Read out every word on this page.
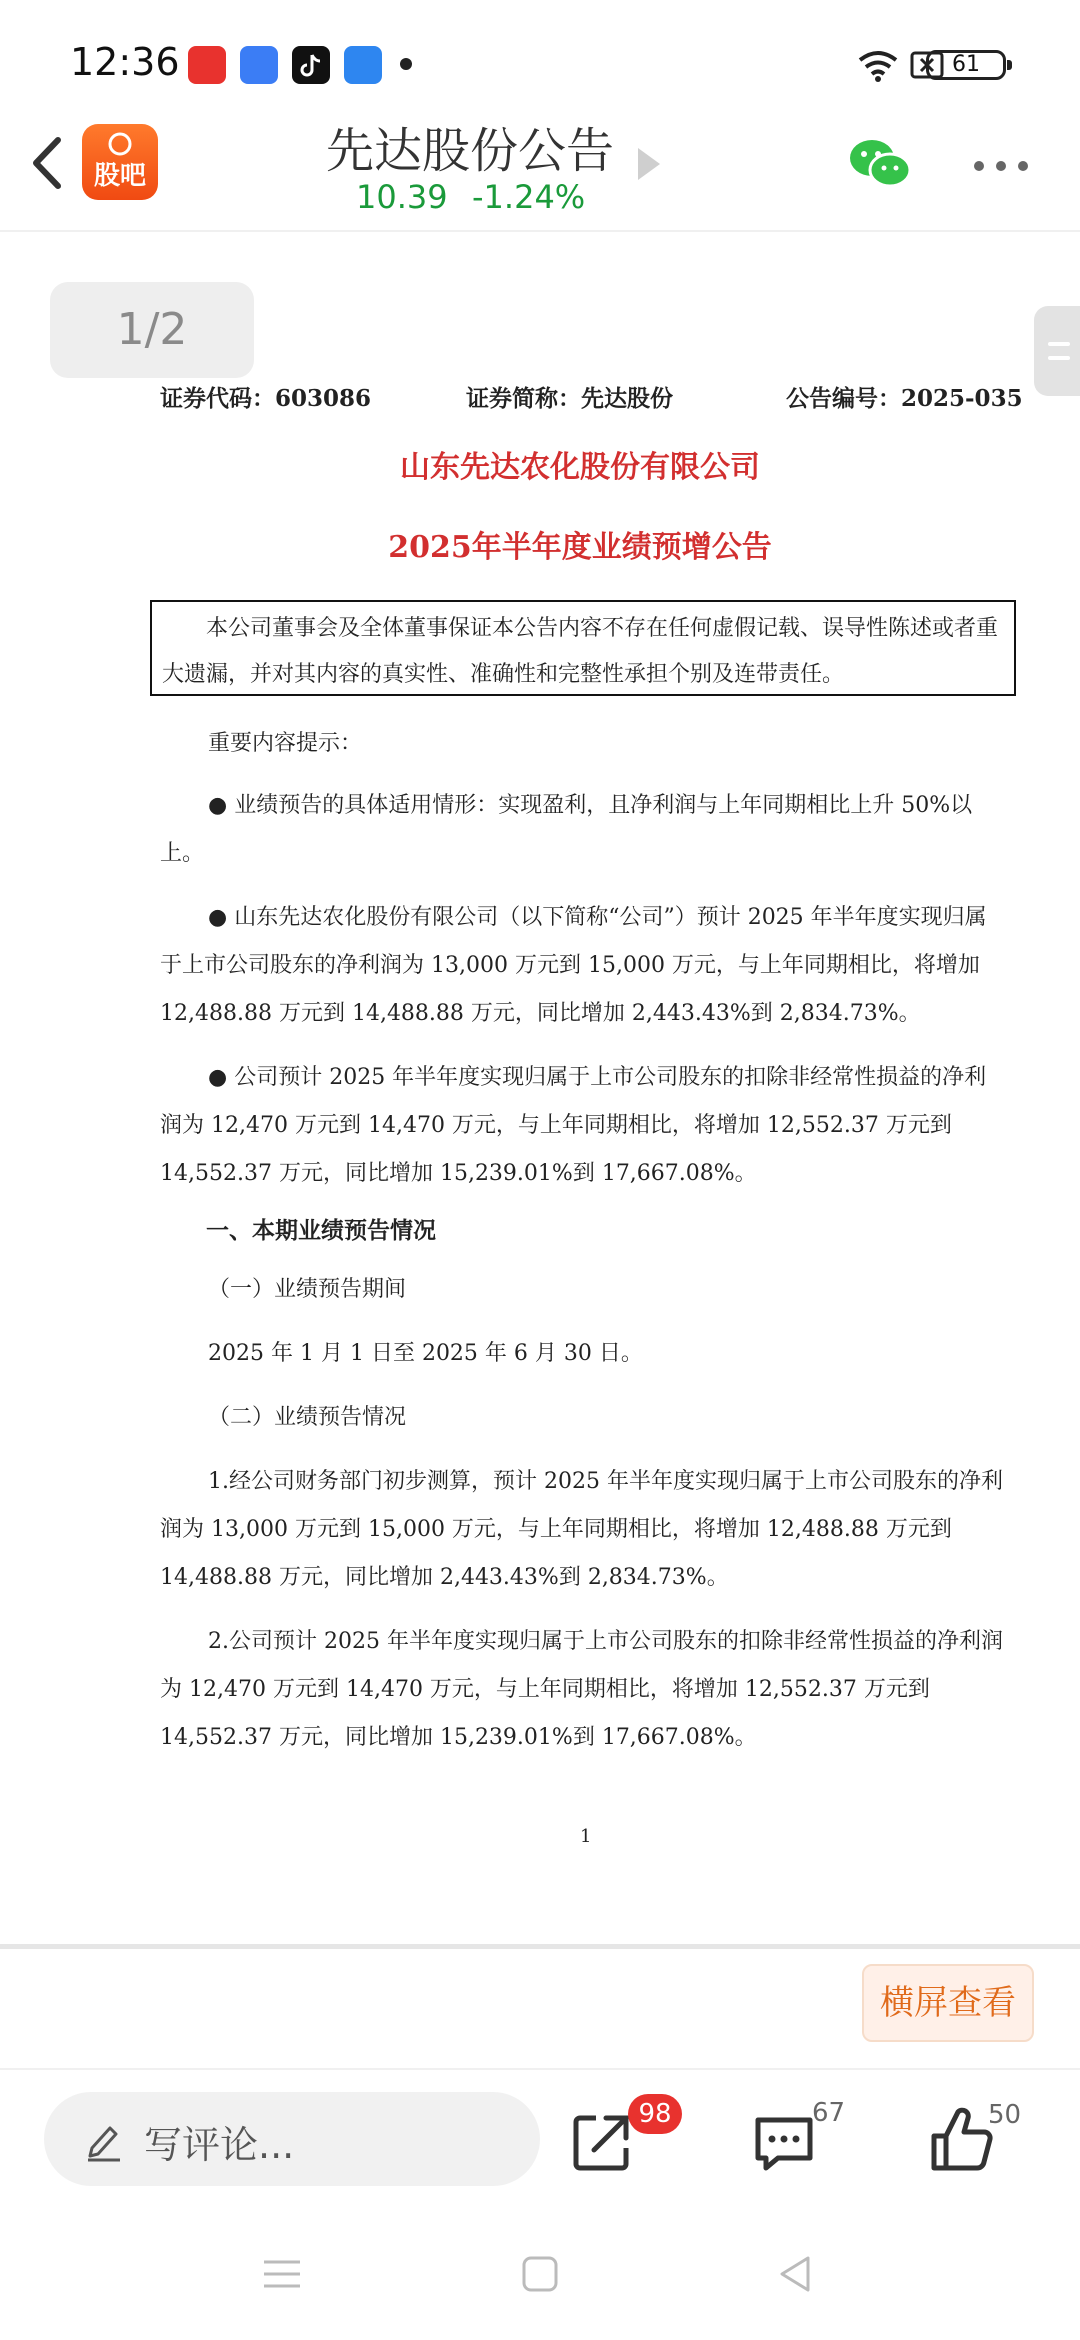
12:36	61
股吧	先达股份公告
10.39 -1.24%
1/2
证券代码：603086	证券简称：先达股份	公告编号：2025-035
山东先达农化股份有限公司
2025年半年度业绩预增公告
本公司董事会及全体董事保证本公告内容不存在任何虚假记载、误导性陈述或者重大遗漏，并对其内容的真实性、准确性和完整性承担个别及连带责任。
重要内容提示：
● 业绩预告的具体适用情形：实现盈利，且净利润与上年同期相比上升 50%以上。
● 山东先达农化股份有限公司（以下简称“公司”）预计 2025 年半年度实现归属于上市公司股东的净利润为 13,000 万元到 15,000 万元，与上年同期相比，将增加 12,488.88 万元到 14,488.88 万元，同比增加 2,443.43%到 2,834.73%。
● 公司预计 2025 年半年度实现归属于上市公司股东的扣除非经常性损益的净利润为 12,470 万元到 14,470 万元，与上年同期相比，将增加 12,552.37 万元到 14,552.37 万元，同比增加 15,239.01%到 17,667.08%。
一、本期业绩预告情况
（一）业绩预告期间
2025 年 1 月 1 日至 2025 年 6 月 30 日。
（二）业绩预告情况
1.经公司财务部门初步测算，预计 2025 年半年度实现归属于上市公司股东的净利润为 13,000 万元到 15,000 万元，与上年同期相比，将增加 12,488.88 万元到 14,488.88 万元，同比增加 2,443.43%到 2,834.73%。
2.公司预计 2025 年半年度实现归属于上市公司股东的扣除非经常性损益的净利润为 12,470 万元到 14,470 万元，与上年同期相比，将增加 12,552.37 万元到 14,552.37 万元，同比增加 15,239.01%到 17,667.08%。
1
横屏查看
写评论...
98	67	50
